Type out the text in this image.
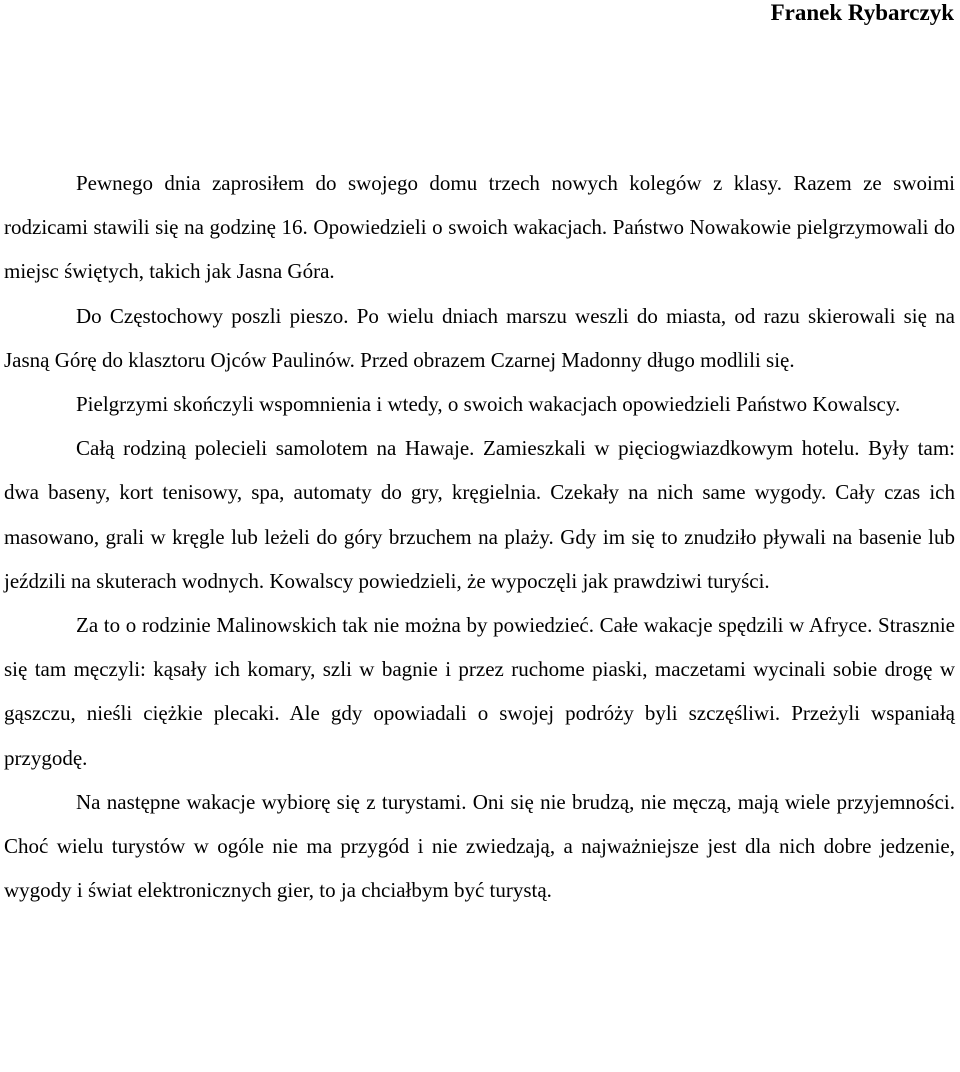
Franek Rybarczyk

Pewnego dnia zaprosiłem do swojego domu trzech nowych kolegów z klasy. Razem ze swoimi rodzicami stawili się na godzinę 16. Opowiedzieli o swoich wakacjach. Państwo Nowakowie pielgrzymowali do miejsc świętych, takich jak Jasna Góra.

Do Częstochowy poszli pieszo. Po wielu dniach marszu weszli do miasta, od razu skierowali się na Jasną Górę do klasztoru Ojców Paulinów. Przed obrazem Czarnej Madonny długo modlili się.

Pielgrzymi skończyli wspomnienia i wtedy, o swoich wakacjach opowiedzieli Państwo Kowalscy.

Całą rodziną polecieli samolotem na Hawaje. Zamieszkali w pięciogwiazdkowym hotelu. Były tam: dwa baseny, kort tenisowy, spa, automaty do gry, kręgielnia. Czekały na nich same wygody. Cały czas ich masowano, grali w kręgle lub leżeli do góry brzuchem na plaży. Gdy im się to znudziło pływali na basenie lub jeździli na skuterach wodnych. Kowalscy powiedzieli, że wypoczęli jak prawdziwi turyści.

Za to o rodzinie Malinowskich tak nie można by powiedzieć. Całe wakacje spędzili w Afryce. Strasznie się tam męczyli: kąsały ich komary, szli w bagnie i przez ruchome piaski, maczetami wycinali sobie drogę w gąszczu, nieśli ciężkie plecaki. Ale gdy opowiadali o swojej podróży byli szczęśliwi. Przeżyli wspaniałą przygodę.

Na następne wakacje wybiorę się z turystami. Oni się nie brudzą, nie męczą, mają wiele przyjemności. Choć wielu turystów w ogóle nie ma przygód i nie zwiedzają, a najważniejsze jest dla nich dobre jedzenie, wygody i świat elektronicznych gier, to ja chciałbym być turystą.
